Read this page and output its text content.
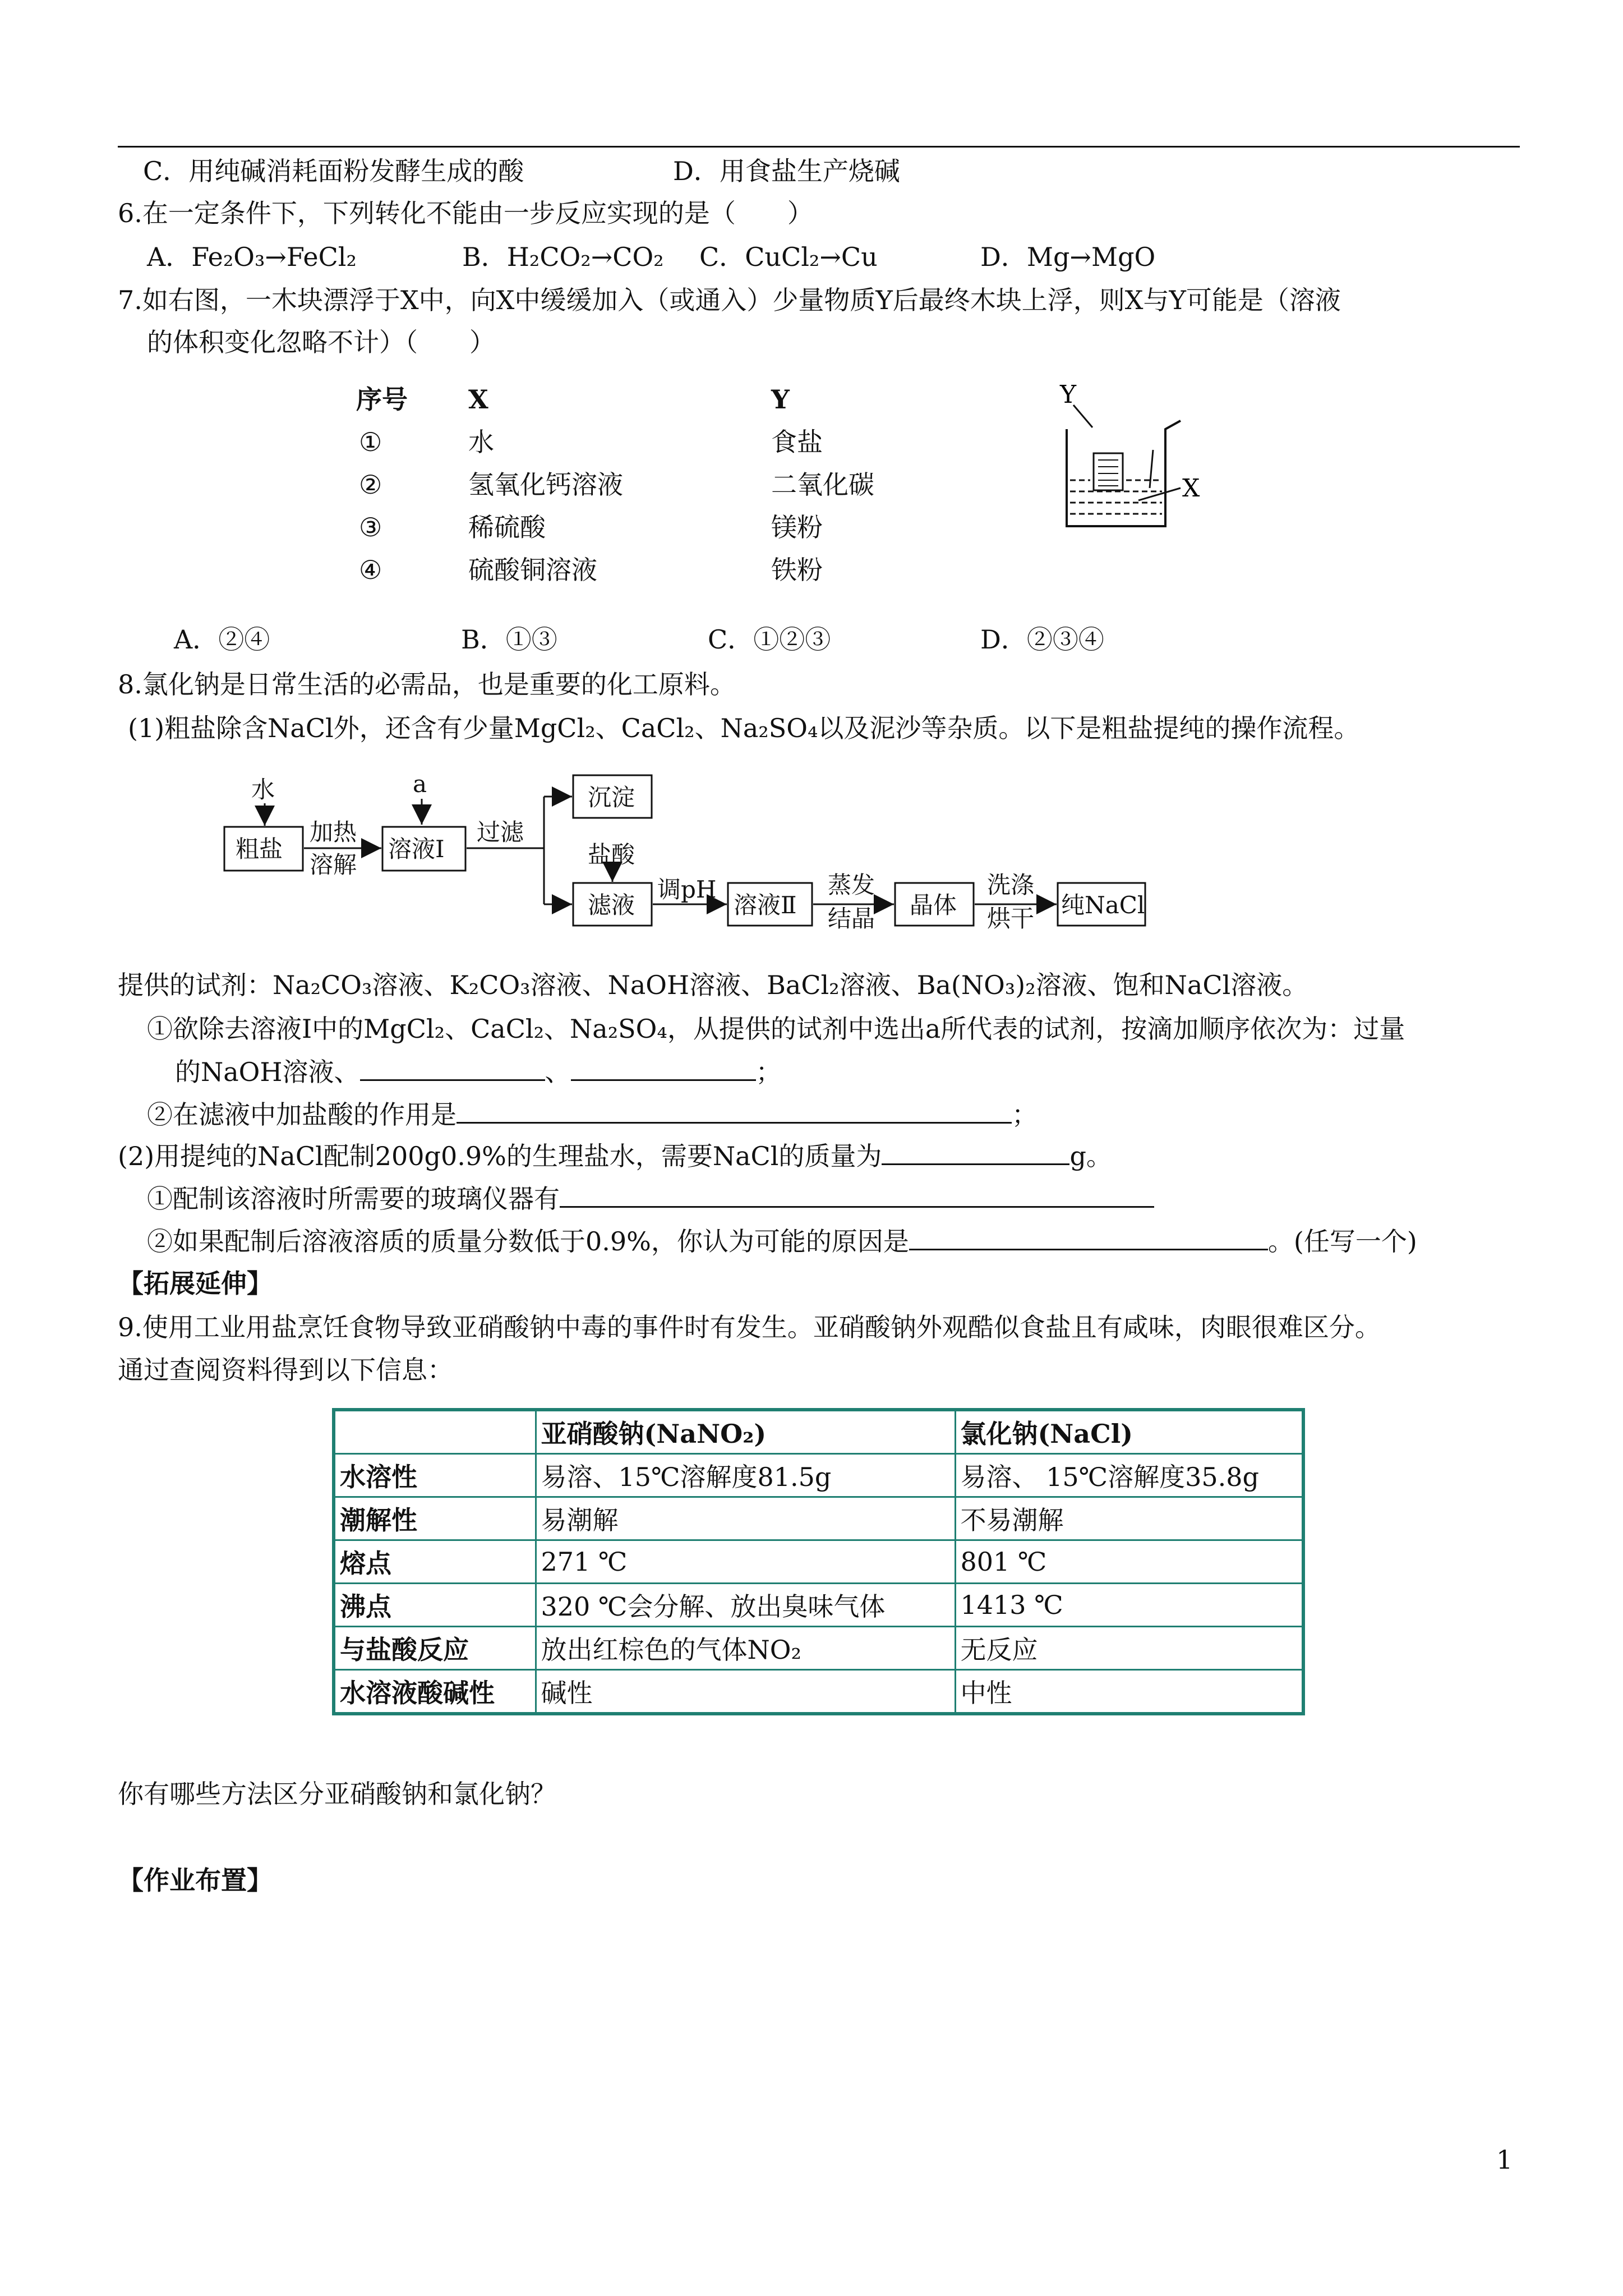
C．用纯碱消耗面粉发酵生成的酸	D．用食盐生产烧碱
6.在一定条件下，下列转化不能由一步反应实现的是（　　）
A．Fe₂O₃→FeCl₂	B．H₂CO₂→CO₂ C．CuCl₂→Cu	D．Mg→MgO
7.如右图，一木块漂浮于X中，向X中缓缓加入（或通入）少量物质Y后最终木块上浮，则X与Y可能是（溶液
的体积变化忽略不计）（　　）
序号 X	Y
①	水	食盐
②	氢氧化钙溶液	二氧化碳
③	稀硫酸	镁粉
④	硫酸铜溶液	铁粉
Y
X
A．②④	B．①③	C．①②③	D．②③④
8.氯化钠是日常生活的必需品，也是重要的化工原料。
(1)粗盐除含NaCl外，还含有少量MgCl₂、CaCl₂、Na₂SO₄以及泥沙等杂质。以下是粗盐提纯的操作流程。
水
粗盐
加热
溶解
a
溶液Ⅰ
过滤
沉淀
盐酸
滤液
调pH
溶液Ⅱ
蒸发
结晶 晶体
洗涤
烘干 纯NaCl
提供的试剂：Na₂CO₃溶液、K₂CO₃溶液、NaOH溶液、BaCl₂溶液、Ba(NO₃)₂溶液、饱和NaCl溶液。
①欲除去溶液Ⅰ中的MgCl₂、CaCl₂、Na₂SO₄，从提供的试剂中选出a所代表的试剂，按滴加顺序依次为：过量
的NaOH溶液、	、	；
②在滤液中加盐酸的作用是	；
(2)用提纯的NaCl配制200g0.9%的生理盐水，需要NaCl的质量为	g。
①配制该溶液时所需要的玻璃仪器有
②如果配制后溶液溶质的质量分数低于0.9%，你认为可能的原因是	。(任写一个)
【拓展延伸】
9.使用工业用盐烹饪食物导致亚硝酸钠中毒的事件时有发生。亚硝酸钠外观酷似食盐且有咸味，肉眼很难区分。
通过查阅资料得到以下信息：
	亚硝酸钠(NaNO₂)	氯化钠(NaCl)
水溶性	易溶、15℃溶解度81.5g	易溶、 15℃溶解度35.8g
潮解性	易潮解	不易潮解
熔点	271 ℃	801 ℃
沸点	320 ℃会分解、放出臭味气体	1413 ℃
与盐酸反应	放出红棕色的气体NO₂	无反应
水溶液酸碱性	碱性	中性
你有哪些方法区分亚硝酸钠和氯化钠？
【作业布置】
1
